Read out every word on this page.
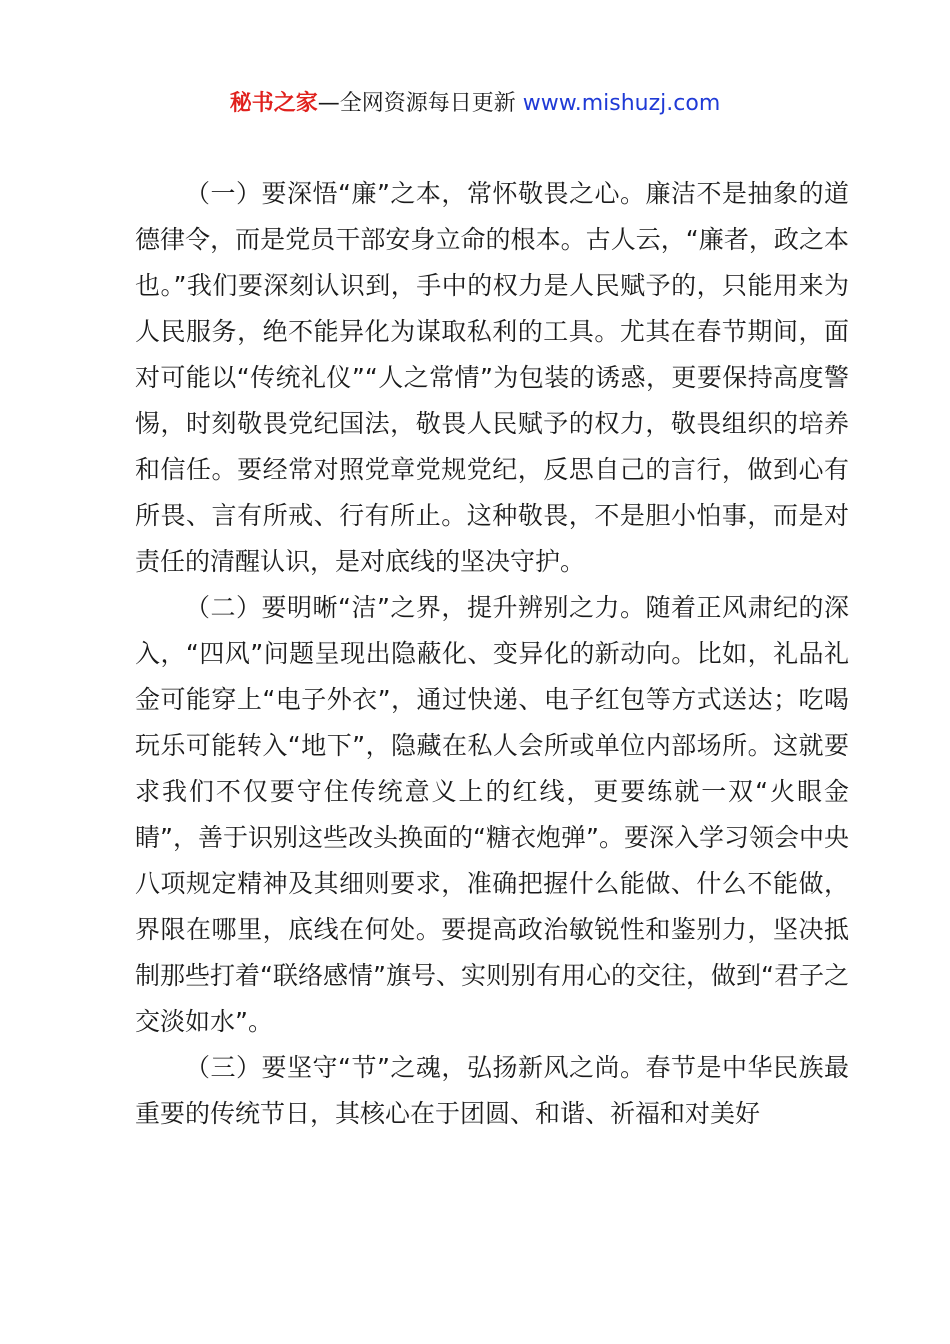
秘书之家—全网资源每日更新 www.mishuzj.com

（一）要深悟“廉”之本，常怀敬畏之心。廉洁不是抽象的道德律令，而是党员干部安身立命的根本。古人云，“廉者，政之本也。”我们要深刻认识到，手中的权力是人民赋予的，只能用来为人民服务，绝不能异化为谋取私利的工具。尤其在春节期间，面对可能以“传统礼仪”“人之常情”为包装的诱惑，更要保持高度警惕，时刻敬畏党纪国法，敬畏人民赋予的权力，敬畏组织的培养和信任。要经常对照党章党规党纪，反思自己的言行，做到心有所畏、言有所戒、行有所止。这种敬畏，不是胆小怕事，而是对责任的清醒认识，是对底线的坚决守护。

（二）要明晰“洁”之界，提升辨别之力。随着正风肃纪的深入，“四风”问题呈现出隐蔽化、变异化的新动向。比如，礼品礼金可能穿上“电子外衣”，通过快递、电子红包等方式送达；吃喝玩乐可能转入“地下”，隐藏在私人会所或单位内部场所。这就要求我们不仅要守住传统意义上的红线，更要练就一双“火眼金睛”，善于识别这些改头换面的“糖衣炮弹”。要深入学习领会中央八项规定精神及其细则要求，准确把握什么能做、什么不能做，界限在哪里，底线在何处。要提高政治敏锐性和鉴别力，坚决抵制那些打着“联络感情”旗号、实则别有用心的交往，做到“君子之交淡如水”。

（三）要坚守“节”之魂，弘扬新风之尚。春节是中华民族最重要的传统节日，其核心在于团圆、和谐、祈福和对美好
